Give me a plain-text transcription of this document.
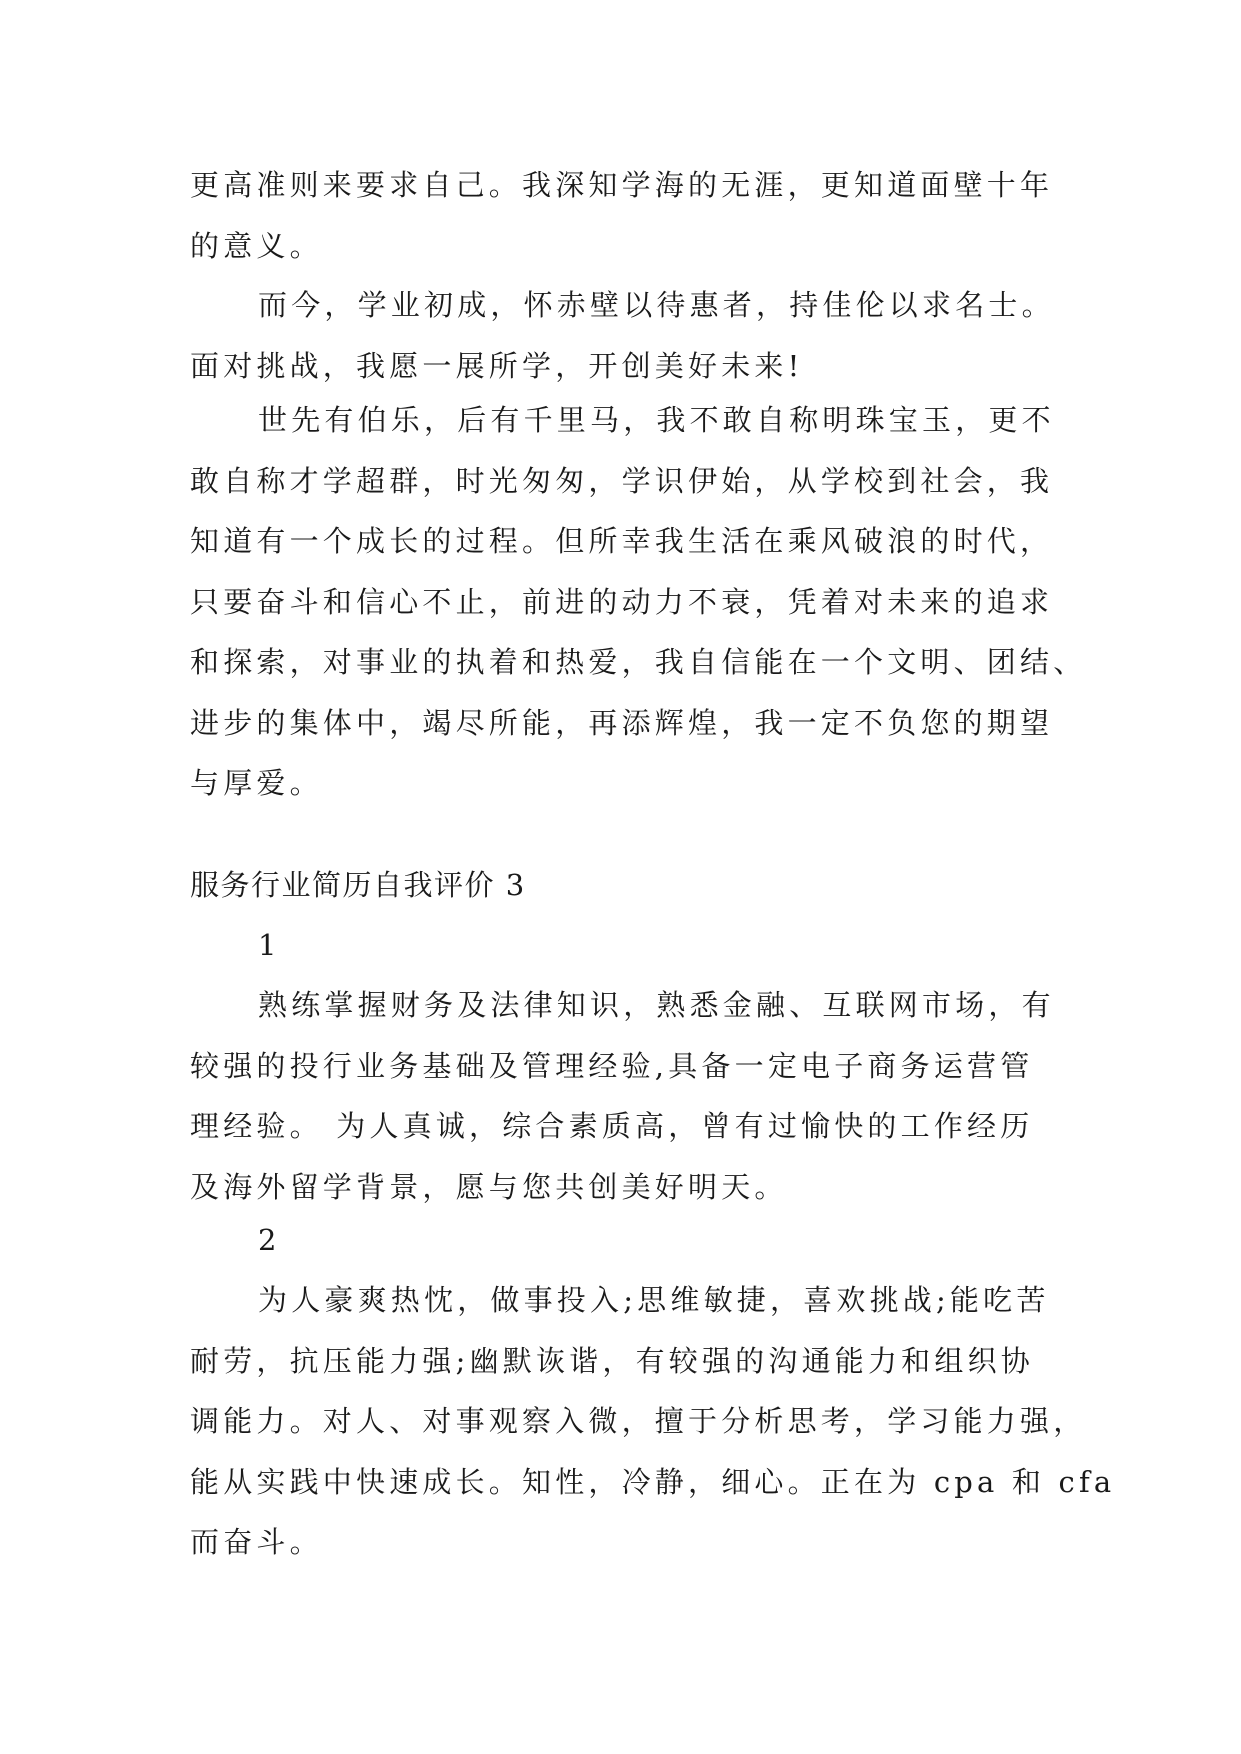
更高准则来要求自己。我深知学海的无涯，更知道面壁十年
的意义。

而今，学业初成，怀赤壁以待惠者，持佳伦以求名士。
面对挑战，我愿一展所学，开创美好未来!

世先有伯乐，后有千里马，我不敢自称明珠宝玉，更不
敢自称才学超群，时光匆匆，学识伊始，从学校到社会，我
知道有一个成长的过程。但所幸我生活在乘风破浪的时代，
只要奋斗和信心不止，前进的动力不衰，凭着对未来的追求
和探索，对事业的执着和热爱，我自信能在一个文明、团结、
进步的集体中，竭尽所能，再添辉煌，我一定不负您的期望
与厚爱。

服务行业简历自我评价 3

1

熟练掌握财务及法律知识，熟悉金融、互联网市场，有
较强的投行业务基础及管理经验,具备一定电子商务运营管
理经验。 为人真诚，综合素质高，曾有过愉快的工作经历
及海外留学背景，愿与您共创美好明天。

2

为人豪爽热忱，做事投入;思维敏捷，喜欢挑战;能吃苦
耐劳，抗压能力强;幽默诙谐，有较强的沟通能力和组织协
调能力。对人、对事观察入微，擅于分析思考，学习能力强，
能从实践中快速成长。知性，冷静，细心。正在为 cpa 和 cfa
而奋斗。
